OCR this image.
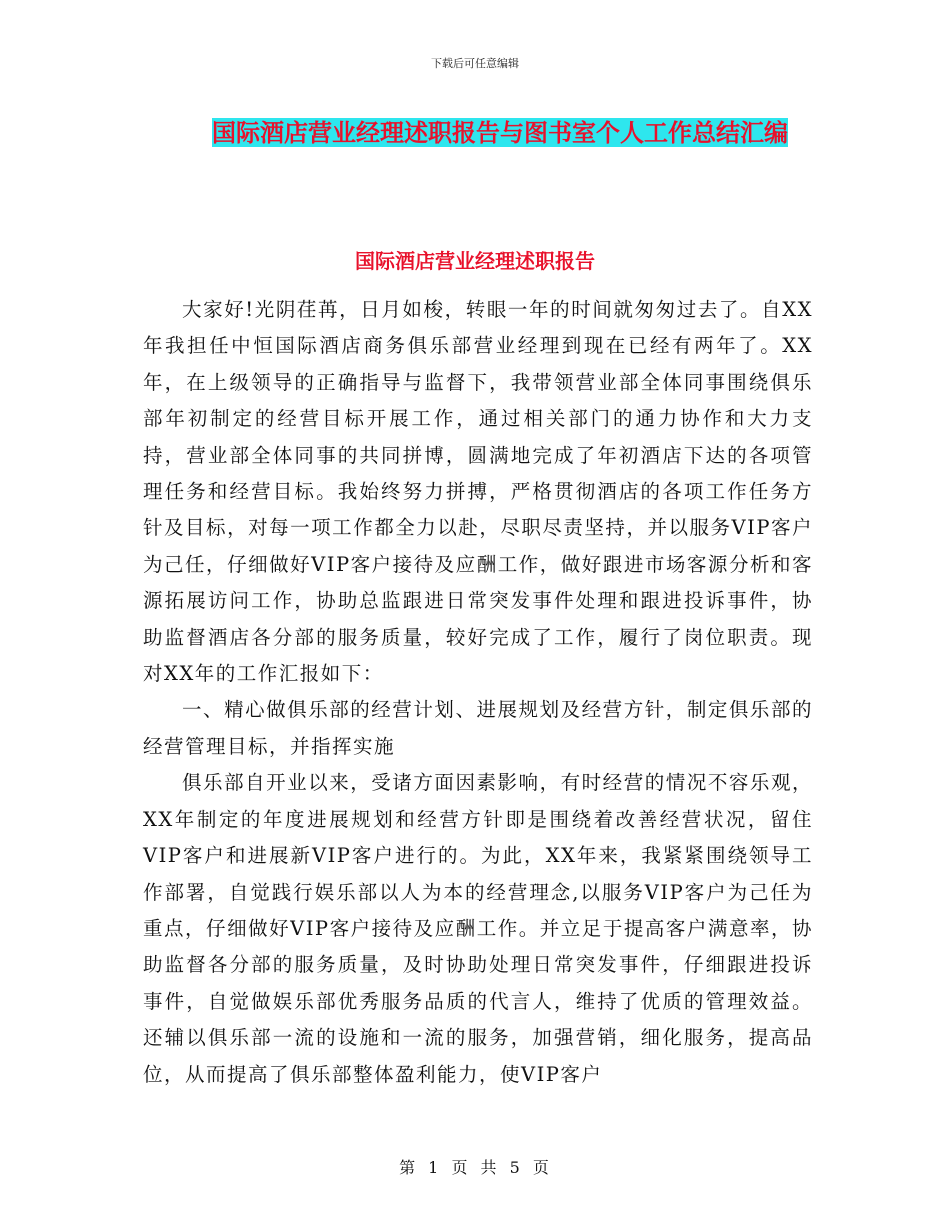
下载后可任意编辑
国际酒店营业经理述职报告与图书室个人工作总结汇编
国际酒店营业经理述职报告

大家好!光阴荏苒，日月如梭，转眼一年的时间就匆匆过去了。自XX年我担任中恒国际酒店商务俱乐部营业经理到现在已经有两年了。XX年，在上级领导的正确指导与监督下，我带领营业部全体同事围绕俱乐部年初制定的经营目标开展工作，通过相关部门的通力协作和大力支持，营业部全体同事的共同拼博，圆满地完成了年初酒店下达的各项管理任务和经营目标。我始终努力拼搏，严格贯彻酒店的各项工作任务方针及目标，对每一项工作都全力以赴，尽职尽责坚持，并以服务VIP客户为己任，仔细做好VIP客户接待及应酬工作，做好跟进市场客源分析和客源拓展访问工作，协助总监跟进日常突发事件处理和跟进投诉事件，协助监督酒店各分部的服务质量，较好完成了工作，履行了岗位职责。现对XX年的工作汇报如下：

一、精心做俱乐部的经营计划、进展规划及经营方针，制定俱乐部的经营管理目标，并指挥实施

俱乐部自开业以来，受诸方面因素影响，有时经营的情况不容乐观，XX年制定的年度进展规划和经营方针即是围绕着改善经营状况，留住VIP客户和进展新VIP客户进行的。为此，XX年来，我紧紧围绕领导工作部署，自觉践行娱乐部以人为本的经营理念,以服务VIP客户为己任为重点，仔细做好VIP客户接待及应酬工作。并立足于提高客户满意率，协助监督各分部的服务质量，及时协助处理日常突发事件，仔细跟进投诉事件，自觉做娱乐部优秀服务品质的代言人，维持了优质的管理效益。还辅以俱乐部一流的设施和一流的服务，加强营销，细化服务，提高品位，从而提高了俱乐部整体盈利能力，使VIP客户

第 1 页 共 5 页
